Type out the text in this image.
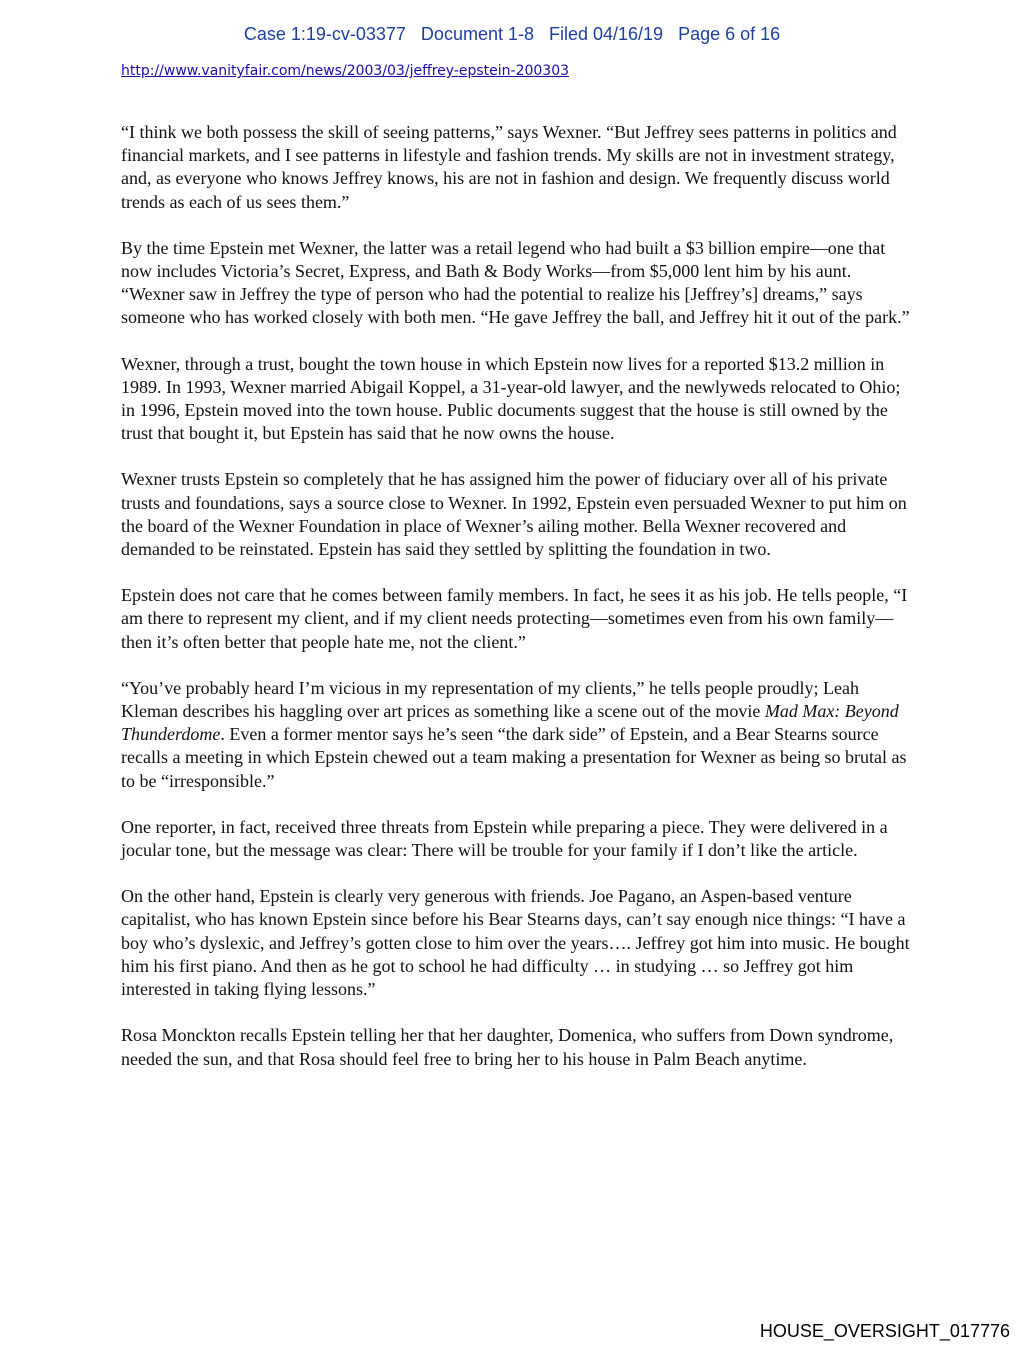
Case 1:19-cv-03377   Document 1-8   Filed 04/16/19   Page 6 of 16
http://www.vanityfair.com/news/2003/03/jeffrey-epstein-200303

“I think we both possess the skill of seeing patterns,” says Wexner. “But Jeffrey sees patterns in politics and financial markets, and I see patterns in lifestyle and fashion trends. My skills are not in investment strategy, and, as everyone who knows Jeffrey knows, his are not in fashion and design. We frequently discuss world trends as each of us sees them.”

By the time Epstein met Wexner, the latter was a retail legend who had built a $3 billion empire—one that now includes Victoria’s Secret, Express, and Bath & Body Works—from $5,000 lent him by his aunt. “Wexner saw in Jeffrey the type of person who had the potential to realize his [Jeffrey’s] dreams,” says someone who has worked closely with both men. “He gave Jeffrey the ball, and Jeffrey hit it out of the park.”

Wexner, through a trust, bought the town house in which Epstein now lives for a reported $13.2 million in 1989. In 1993, Wexner married Abigail Koppel, a 31-year-old lawyer, and the newlyweds relocated to Ohio; in 1996, Epstein moved into the town house. Public documents suggest that the house is still owned by the trust that bought it, but Epstein has said that he now owns the house.

Wexner trusts Epstein so completely that he has assigned him the power of fiduciary over all of his private trusts and foundations, says a source close to Wexner. In 1992, Epstein even persuaded Wexner to put him on the board of the Wexner Foundation in place of Wexner’s ailing mother. Bella Wexner recovered and demanded to be reinstated. Epstein has said they settled by splitting the foundation in two.

Epstein does not care that he comes between family members. In fact, he sees it as his job. He tells people, “I am there to represent my client, and if my client needs protecting—sometimes even from his own family—then it’s often better that people hate me, not the client.”

“You’ve probably heard I’m vicious in my representation of my clients,” he tells people proudly; Leah Kleman describes his haggling over art prices as something like a scene out of the movie Mad Max: Beyond Thunderdome. Even a former mentor says he’s seen “the dark side” of Epstein, and a Bear Stearns source recalls a meeting in which Epstein chewed out a team making a presentation for Wexner as being so brutal as to be “irresponsible.”

One reporter, in fact, received three threats from Epstein while preparing a piece. They were delivered in a jocular tone, but the message was clear: There will be trouble for your family if I don’t like the article.

On the other hand, Epstein is clearly very generous with friends. Joe Pagano, an Aspen-based venture capitalist, who has known Epstein since before his Bear Stearns days, can’t say enough nice things: “I have a boy who’s dyslexic, and Jeffrey’s gotten close to him over the years…. Jeffrey got him into music. He bought him his first piano. And then as he got to school he had difficulty … in studying … so Jeffrey got him interested in taking flying lessons.”

Rosa Monckton recalls Epstein telling her that her daughter, Domenica, who suffers from Down syndrome, needed the sun, and that Rosa should feel free to bring her to his house in Palm Beach anytime.

HOUSE_OVERSIGHT_017776
